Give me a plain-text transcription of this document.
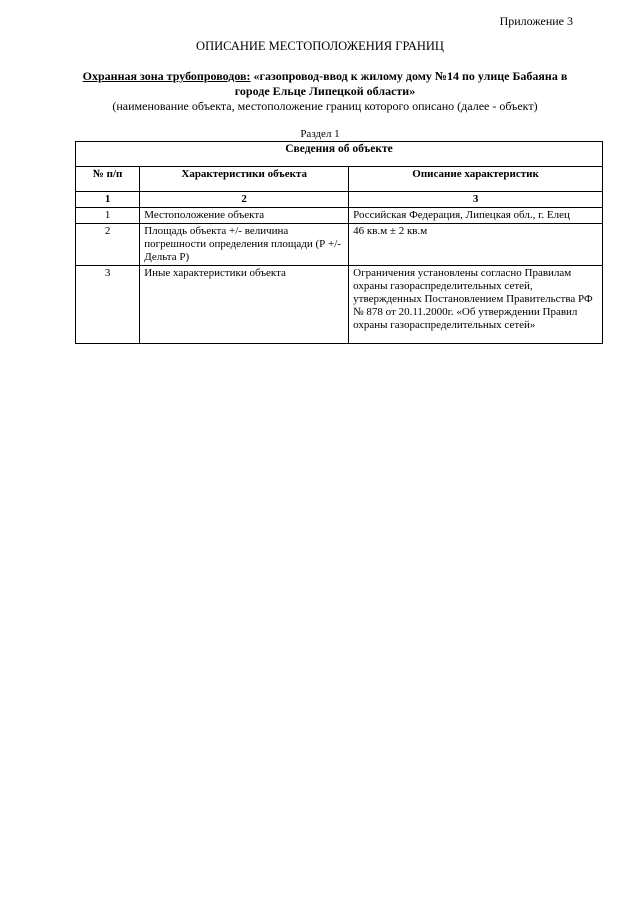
Приложение 3
ОПИСАНИЕ МЕСТОПОЛОЖЕНИЯ ГРАНИЦ
Охранная зона трубопроводов: «газопровод-ввод к жилому дому №14 по улице Бабаяна в городе Ельце Липецкой области»
(наименование объекта, местоположение границ которого описано (далее - объект)
Раздел 1
Сведения об объекте		
№ п/п	Характеристики объекта	Описание характеристик
1	2	3
1	Местоположение объекта	Российская Федерация, Липецкая обл., г. Елец
2	Площадь объекта +/- величина погрешности определения площади (Р +/- Дельта Р)	46 кв.м ± 2 кв.м
3	Иные характеристики объекта	Ограничения установлены согласно Правилам охраны газораспределительных сетей, утвержденных Постановлением Правительства РФ № 878 от 20.11.2000г. «Об утверждении Правил охраны газораспределительных сетей»
